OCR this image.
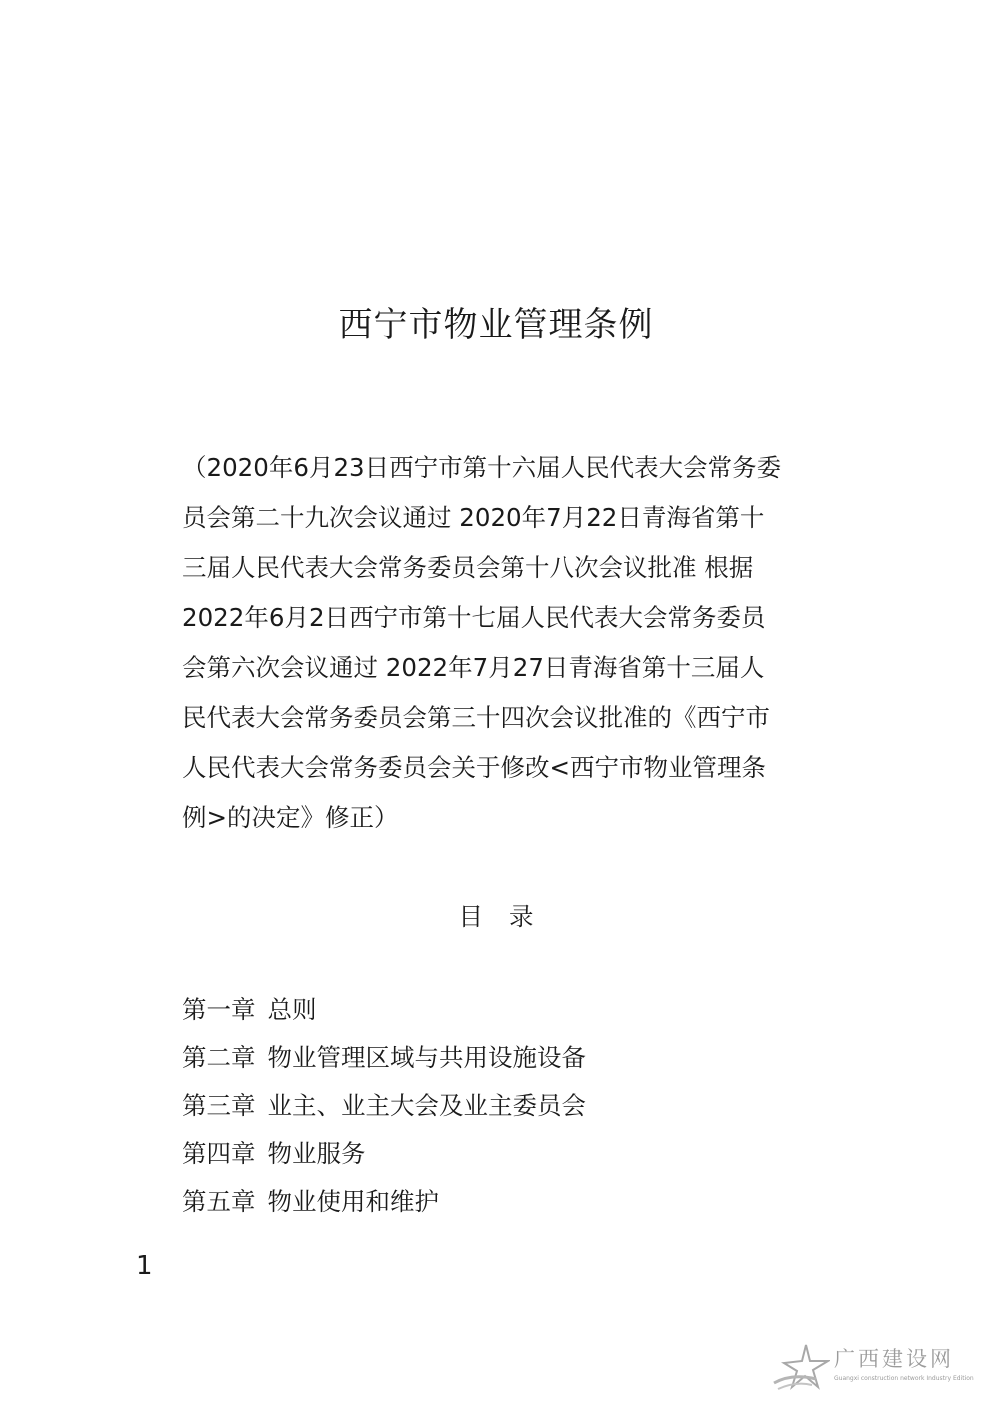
西宁市物业管理条例
（2020年6月23日西宁市第十六届人民代表大会常务委
员会第二十九次会议通过 2020年7月22日青海省第十
三届人民代表大会常务委员会第十八次会议批准 根据
2022年6月2日西宁市第十七届人民代表大会常务委员
会第六次会议通过 2022年7月27日青海省第十三届人
民代表大会常务委员会第三十四次会议批准的《西宁市
人民代表大会常务委员会关于修改<西宁市物业管理条
例>的决定》修正）
目 录
第一章 总则
第二章 物业管理区域与共用设施设备
第三章 业主、业主大会及业主委员会
第四章 物业服务
第五章 物业使用和维护
1
广西建设网
Guangxi construction network Industry Edition
